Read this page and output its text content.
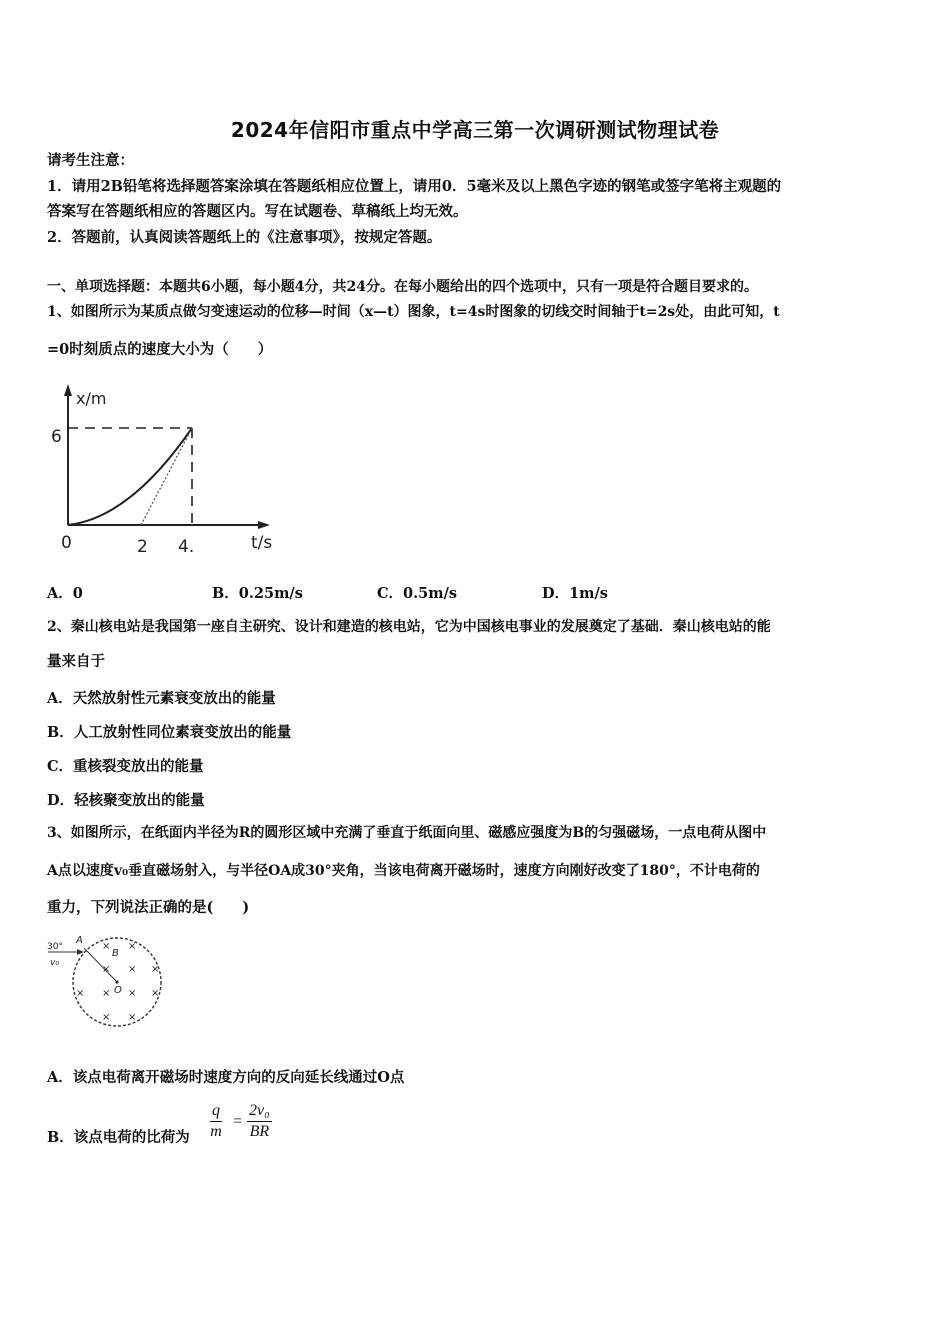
2024年信阳市重点中学高三第一次调研测试物理试卷
请考生注意：
1．请用2B铅笔将选择题答案涂填在答题纸相应位置上，请用0．5毫米及以上黑色字迹的钢笔或签字笔将主观题的
答案写在答题纸相应的答题区内。写在试题卷、草稿纸上均无效。
2．答题前，认真阅读答题纸上的《注意事项》，按规定答题。
一、单项选择题：本题共6小题，每小题4分，共24分。在每小题给出的四个选项中，只有一项是符合题目要求的。
1、如图所示为某质点做匀变速运动的位移—时间（x—t）图象，t=4s时图象的切线交时间轴于t=2s处，由此可知，t
=0时刻质点的速度大小为（　　）
x/m
6
0	2 4.	t/s
A．0	B．0.25m/s	C．0.5m/s	D．1m/s
2、秦山核电站是我国第一座自主研究、设计和建造的核电站，它为中国核电事业的发展奠定了基础．秦山核电站的能
量来自于
A．天然放射性元素衰变放出的能量
B．人工放射性同位素衰变放出的能量
C．重核裂变放出的能量
D．轻核聚变放出的能量
3、如图所示，在纸面内半径为R的圆形区域中充满了垂直于纸面向里、磁感应强度为B的匀强磁场，一点电荷从图中
A点以速度v₀垂直磁场射入，与半径OA成30°夹角，当该电荷离开磁场时，速度方向刚好改变了180°，不计电荷的
重力，下列说法正确的是(　　)
30°
A
v₀
B
O
× ×
× × ×
× × × ×
× ×
A．该点电荷离开磁场时速度方向的反向延长线通过O点
B．该点电荷的比荷为 $\frac{q}{m} = \frac{\text{2v₀}}{BR}$
